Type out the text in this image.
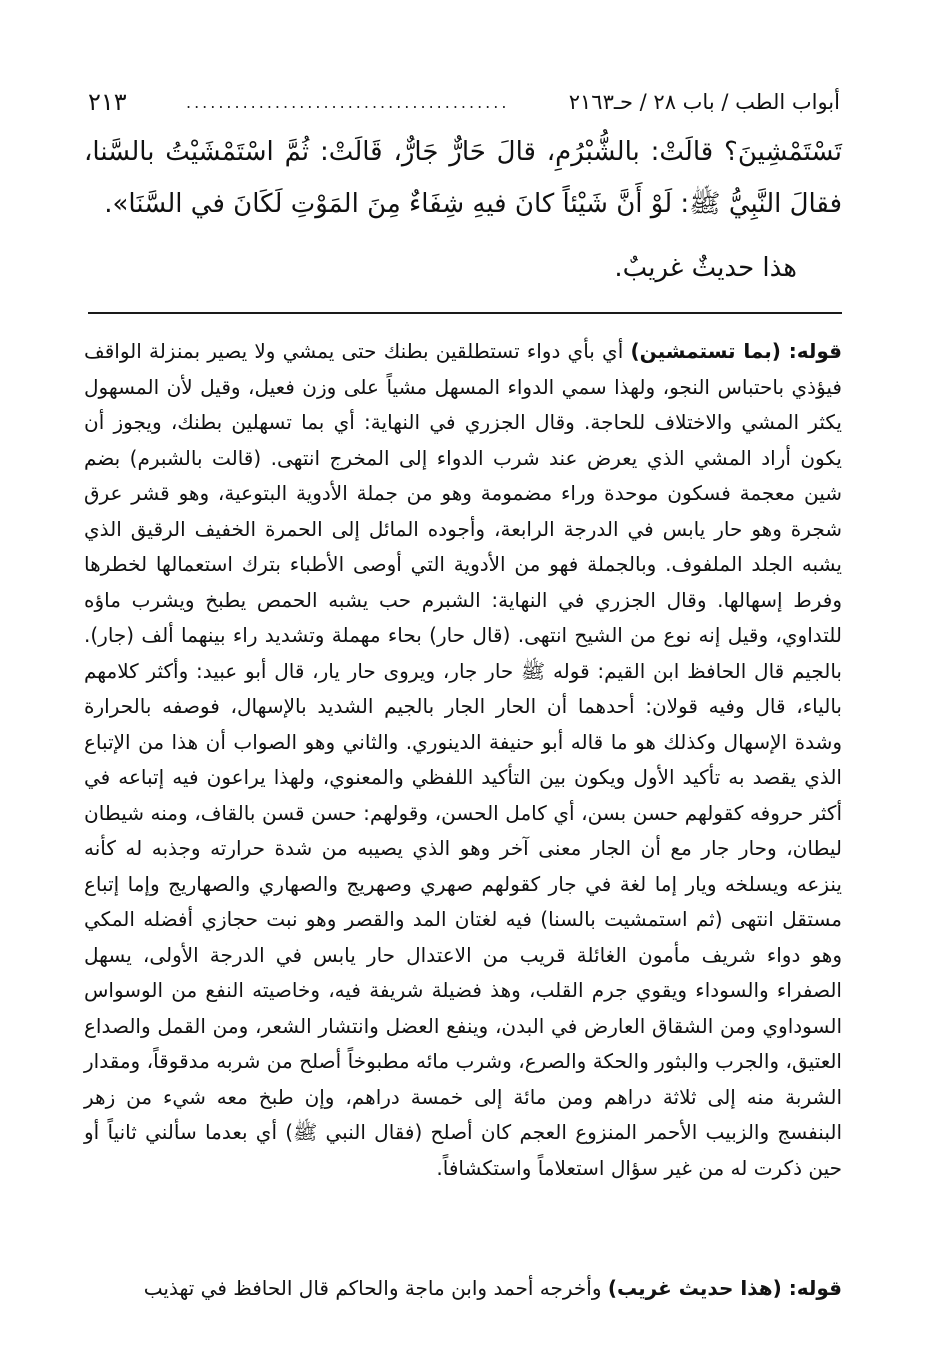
أبواب الطب / باب ٢٨ / حـ٢١٦٣
........................................
٢١٣
تَسْتَمْشِينَ؟ قالَتْ: بالشُّبْرُمِ، قالَ حَارٌّ جَارٌّ، قَالَتْ: ثُمَّ اسْتَمْشَيْتُ بالسَّنا، فقالَ النَّبِيُّ ﷺ: لَوْ أَنَّ شَيْئاً كانَ فيهِ شِفَاءٌ مِنَ المَوْتِ لَكَانَ في السَّنَا».
هذا حديثٌ غريبٌ.
قوله: (بما تستمشين) أي بأي دواء تستطلقين بطنك حتى يمشي ولا يصير بمنزلة الواقف فيؤذي باحتباس النجو، ولهذا سمي الدواء المسهل مشياً على وزن فعيل، وقيل لأن المسهول يكثر المشي والاختلاف للحاجة. وقال الجزري في النهاية: أي بما تسهلين بطنك، ويجوز أن يكون أراد المشي الذي يعرض عند شرب الدواء إلى المخرج انتهى. (قالت بالشبرم) بضم شين معجمة فسكون موحدة وراء مضمومة وهو من جملة الأدوية البتوعية، وهو قشر عرق شجرة وهو حار يابس في الدرجة الرابعة، وأجوده المائل إلى الحمرة الخفيف الرقيق الذي يشبه الجلد الملفوف. وبالجملة فهو من الأدوية التي أوصى الأطباء بترك استعمالها لخطرها وفرط إسهالها. وقال الجزري في النهاية: الشبرم حب يشبه الحمص يطبخ ويشرب ماؤه للتداوي، وقيل إنه نوع من الشيح انتهى. (قال حار) بحاء مهملة وتشديد راء بينهما ألف (جار). بالجيم قال الحافظ ابن القيم: قوله ﷺ حار جار، ويروى حار يار، قال أبو عبيد: وأكثر كلامهم بالياء، قال وفيه قولان: أحدهما أن الحار الجار بالجيم الشديد بالإسهال، فوصفه بالحرارة وشدة الإسهال وكذلك هو ما قاله أبو حنيفة الدينوري. والثاني وهو الصواب أن هذا من الإتباع الذي يقصد به تأكيد الأول ويكون بين التأكيد اللفظي والمعنوي، ولهذا يراعون فيه إتباعه في أكثر حروفه كقولهم حسن بسن، أي كامل الحسن، وقولهم: حسن قسن بالقاف، ومنه شيطان ليطان، وحار جار مع أن الجار معنى آخر وهو الذي يصيبه من شدة حرارته وجذبه له كأنه ينزعه ويسلخه ويار إما لغة في جار كقولهم صهري وصهريج والصهاري والصهاريج وإما إتباع مستقل انتهى (ثم استمشيت بالسنا) فيه لغتان المد والقصر وهو نبت حجازي أفضله المكي وهو دواء شريف مأمون الغائلة قريب من الاعتدال حار يابس في الدرجة الأولى، يسهل الصفراء والسوداء ويقوي جرم القلب، وهذ فضيلة شريفة فيه، وخاصيته النفع من الوسواس السوداوي ومن الشقاق العارض في البدن، وينفع العضل وانتشار الشعر، ومن القمل والصداع العتيق، والجرب والبثور والحكة والصرع، وشرب مائه مطبوخاً أصلح من شربه مدقوقاً، ومقدار الشربة منه إلى ثلاثة دراهم ومن مائة إلى خمسة دراهم، وإن طبخ معه شيء من زهر البنفسج والزبيب الأحمر المنزوع العجم كان أصلح (فقال النبي ﷺ) أي بعدما سألني ثانياً أو حين ذكرت له من غير سؤال استعلاماً واستكشافاً.
قوله: (هذا حديث غريب) وأخرجه أحمد وابن ماجة والحاكم قال الحافظ في تهذيب
